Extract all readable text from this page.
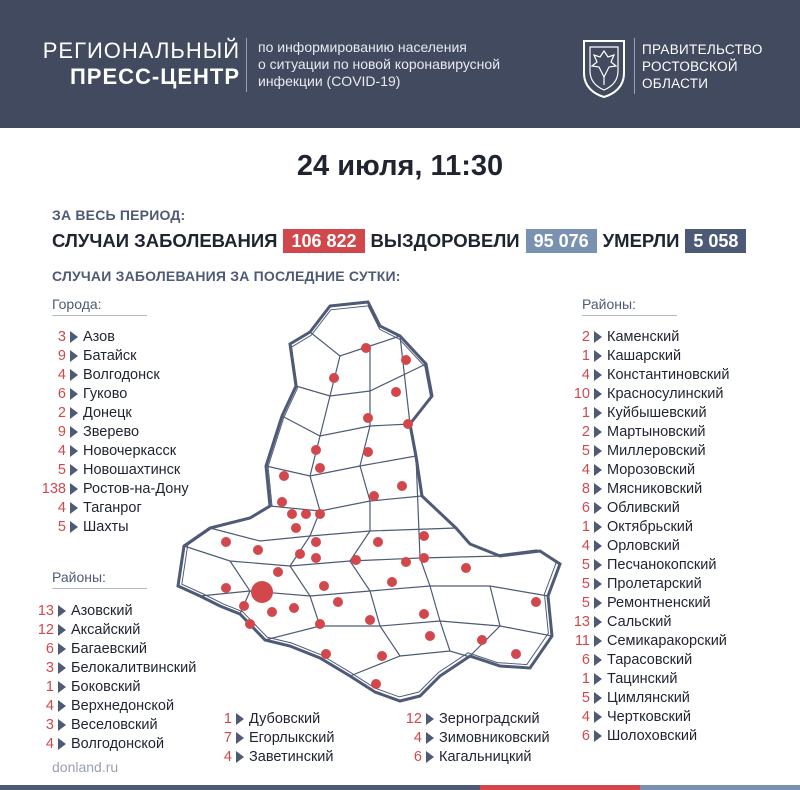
РЕГИОНАЛЬНЫЙ
ПРЕСС-ЦЕНТР
по информированию населения
о ситуации по новой коронавирусной
инфекции (COVID-19)
ПРАВИТЕЛЬСТВО
РОСТОВСКОЙ
ОБЛАСТИ
24 июля, 11:30
ЗА ВЕСЬ ПЕРИОД:
СЛУЧАИ ЗАБОЛЕВАНИЯ 106 822 ВЫЗДОРОВЕЛИ 95 076 УМЕРЛИ 5 058
СЛУЧАИ ЗАБОЛЕВАНИЯ ЗА ПОСЛЕДНИЕ СУТКИ:
Города:
3 Азов
9 Батайск
4 Волгодонск
6 Гуково
2 Донецк
9 Зверево
4 Новочеркасск
5 Новошахтинск
138 Ростов-на-Дону
4 Таганрог
5 Шахты
Районы:
13 Азовский
12 Аксайский
6 Багаевский
3 Белокалитвинский
1 Боковский
4 Верхнедонской
3 Веселовский
4 Волгодонской
1 Дубовский
7 Егорлыкский
4 Заветинский
12 Зерноградский
4 Зимовниковский
6 Кагальницкий
Районы:
2 Каменский
1 Кашарский
4 Константиновский
10 Красносулинский
1 Куйбышевский
2 Мартыновский
5 Миллеровский
4 Морозовский
8 Мясниковский
6 Обливский
1 Октябрьский
4 Орловский
5 Песчанокопский
5 Пролетарский
5 Ремонтненский
13 Сальский
11 Семикаракорский
6 Тарасовский
1 Тацинский
5 Цимлянский
4 Чертковский
6 Шолоховский
donland.ru
